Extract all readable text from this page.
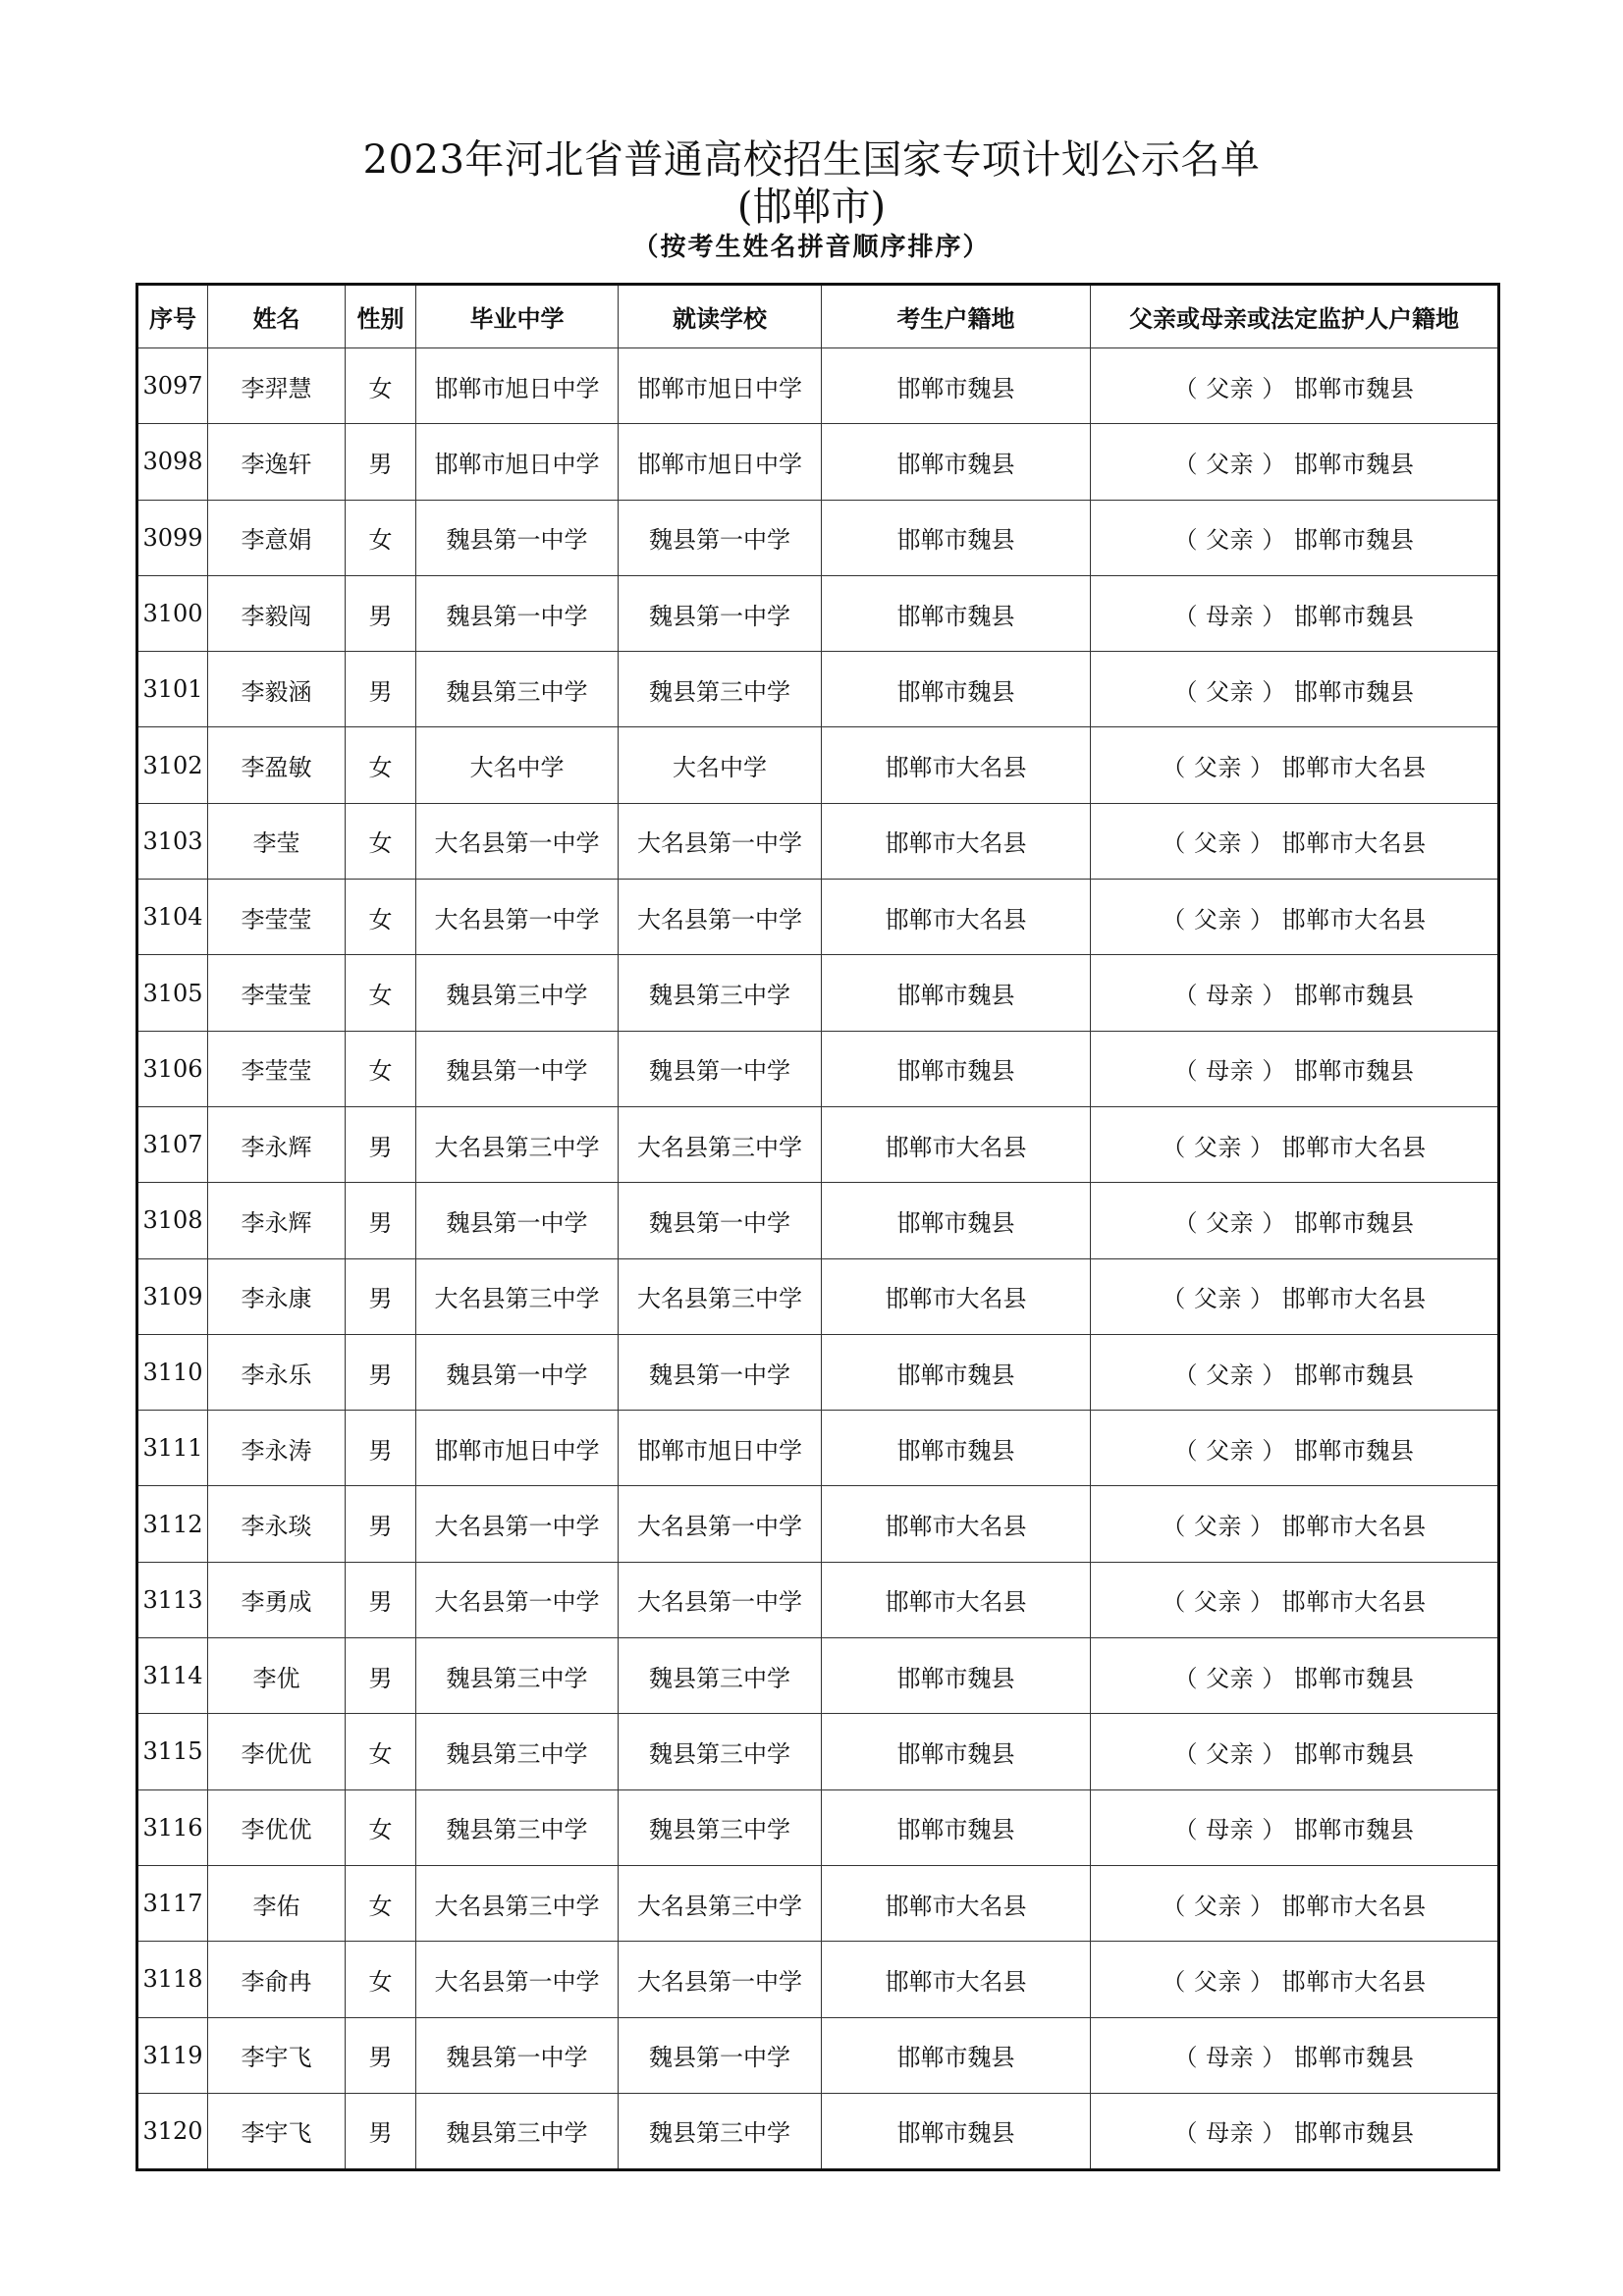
2023年河北省普通高校招生国家专项计划公示名单
(邯郸市)
（按考生姓名拼音顺序排序）
序号	姓名	性别	毕业中学	就读学校	考生户籍地	父亲或母亲或法定监护人户籍地
3097	李羿慧	女	邯郸市旭日中学	邯郸市旭日中学	邯郸市魏县	（ 父亲 ） 邯郸市魏县
3098	李逸轩	男	邯郸市旭日中学	邯郸市旭日中学	邯郸市魏县	（ 父亲 ） 邯郸市魏县
3099	李意娟	女	魏县第一中学	魏县第一中学	邯郸市魏县	（ 父亲 ） 邯郸市魏县
3100	李毅闯	男	魏县第一中学	魏县第一中学	邯郸市魏县	（ 母亲 ） 邯郸市魏县
3101	李毅涵	男	魏县第三中学	魏县第三中学	邯郸市魏县	（ 父亲 ） 邯郸市魏县
3102	李盈敏	女	大名中学	大名中学	邯郸市大名县	（ 父亲 ） 邯郸市大名县
3103	李莹	女	大名县第一中学	大名县第一中学	邯郸市大名县	（ 父亲 ） 邯郸市大名县
3104	李莹莹	女	大名县第一中学	大名县第一中学	邯郸市大名县	（ 父亲 ） 邯郸市大名县
3105	李莹莹	女	魏县第三中学	魏县第三中学	邯郸市魏县	（ 母亲 ） 邯郸市魏县
3106	李莹莹	女	魏县第一中学	魏县第一中学	邯郸市魏县	（ 母亲 ） 邯郸市魏县
3107	李永辉	男	大名县第三中学	大名县第三中学	邯郸市大名县	（ 父亲 ） 邯郸市大名县
3108	李永辉	男	魏县第一中学	魏县第一中学	邯郸市魏县	（ 父亲 ） 邯郸市魏县
3109	李永康	男	大名县第三中学	大名县第三中学	邯郸市大名县	（ 父亲 ） 邯郸市大名县
3110	李永乐	男	魏县第一中学	魏县第一中学	邯郸市魏县	（ 父亲 ） 邯郸市魏县
3111	李永涛	男	邯郸市旭日中学	邯郸市旭日中学	邯郸市魏县	（ 父亲 ） 邯郸市魏县
3112	李永琰	男	大名县第一中学	大名县第一中学	邯郸市大名县	（ 父亲 ） 邯郸市大名县
3113	李勇成	男	大名县第一中学	大名县第一中学	邯郸市大名县	（ 父亲 ） 邯郸市大名县
3114	李优	男	魏县第三中学	魏县第三中学	邯郸市魏县	（ 父亲 ） 邯郸市魏县
3115	李优优	女	魏县第三中学	魏县第三中学	邯郸市魏县	（ 父亲 ） 邯郸市魏县
3116	李优优	女	魏县第三中学	魏县第三中学	邯郸市魏县	（ 母亲 ） 邯郸市魏县
3117	李佑	女	大名县第三中学	大名县第三中学	邯郸市大名县	（ 父亲 ） 邯郸市大名县
3118	李俞冉	女	大名县第一中学	大名县第一中学	邯郸市大名县	（ 父亲 ） 邯郸市大名县
3119	李宇飞	男	魏县第一中学	魏县第一中学	邯郸市魏县	（ 母亲 ） 邯郸市魏县
3120	李宇飞	男	魏县第三中学	魏县第三中学	邯郸市魏县	（ 母亲 ） 邯郸市魏县
